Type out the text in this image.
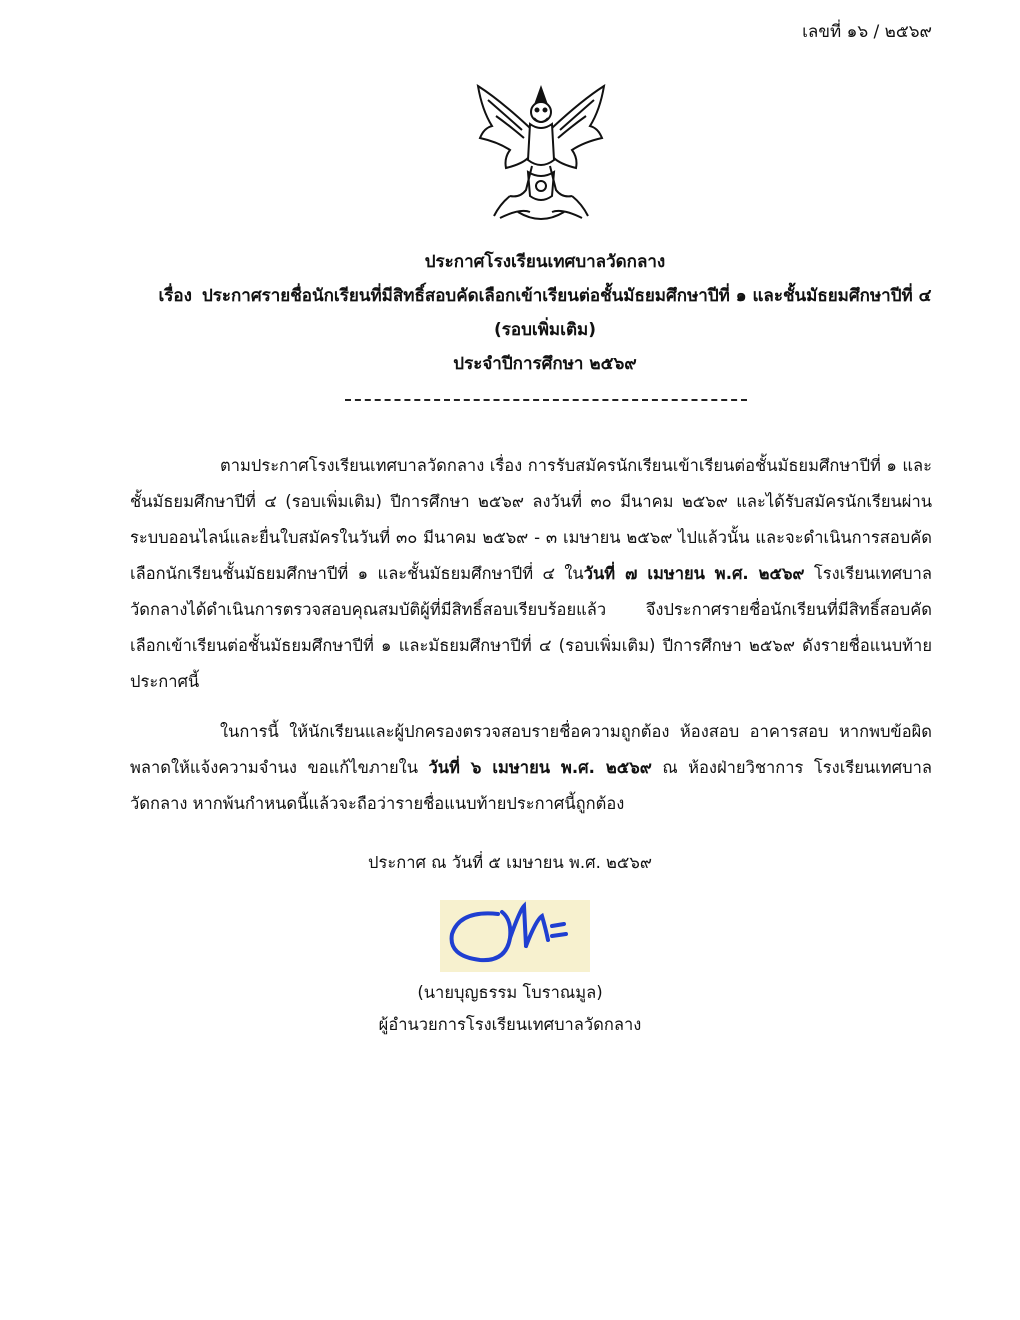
เลขที่ ๑๖ / ๒๕๖๙
ประกาศโรงเรียนเทศบาลวัดกลาง
เรื่อง ประกาศรายชื่อนักเรียนที่มีสิทธิ์สอบคัดเลือกเข้าเรียนต่อชั้นมัธยมศึกษาปีที่ ๑ และชั้นมัธยมศึกษาปีที่ ๔
(รอบเพิ่มเติม)
ประจำปีการศึกษา ๒๕๖๙
ตามประกาศโรงเรียนเทศบาลวัดกลาง เรื่อง การรับสมัครนักเรียนเข้าเรียนต่อชั้นมัธยมศึกษาปีที่ ๑ และชั้นมัธยมศึกษาปีที่ ๔ (รอบเพิ่มเติม) ปีการศึกษา ๒๕๖๙ ลงวันที่ ๓๐ มีนาคม ๒๕๖๙ และได้รับสมัครนักเรียนผ่านระบบออนไลน์และยื่นใบสมัครในวันที่ ๓๐ มีนาคม ๒๕๖๙ - ๓ เมษายน ๒๕๖๙ ไปแล้วนั้น และจะดำเนินการสอบคัดเลือกนักเรียนชั้นมัธยมศึกษาปีที่ ๑ และชั้นมัธยมศึกษาปีที่ ๔ ในวันที่ ๗ เมษายน พ.ศ. ๒๕๖๙ โรงเรียนเทศบาลวัดกลางได้ดำเนินการตรวจสอบคุณสมบัติผู้ที่มีสิทธิ์สอบเรียบร้อยแล้ว จึงประกาศรายชื่อนักเรียนที่มีสิทธิ์สอบคัดเลือกเข้าเรียนต่อชั้นมัธยมศึกษาปีที่ ๑ และมัธยมศึกษาปีที่ ๔ (รอบเพิ่มเติม) ปีการศึกษา ๒๕๖๙ ดังรายชื่อแนบท้ายประกาศนี้
ในการนี้ ให้นักเรียนและผู้ปกครองตรวจสอบรายชื่อความถูกต้อง ห้องสอบ อาคารสอบ หากพบข้อผิดพลาดให้แจ้งความจำนง ขอแก้ไขภายใน วันที่ ๖ เมษายน พ.ศ. ๒๕๖๙ ณ ห้องฝ่ายวิชาการ โรงเรียนเทศบาลวัดกลาง หากพ้นกำหนดนี้แล้วจะถือว่ารายชื่อแนบท้ายประกาศนี้ถูกต้อง
ประกาศ ณ วันที่ ๕ เมษายน พ.ศ. ๒๕๖๙
(นายบุญธรรม โบราณมูล)
ผู้อำนวยการโรงเรียนเทศบาลวัดกลาง
